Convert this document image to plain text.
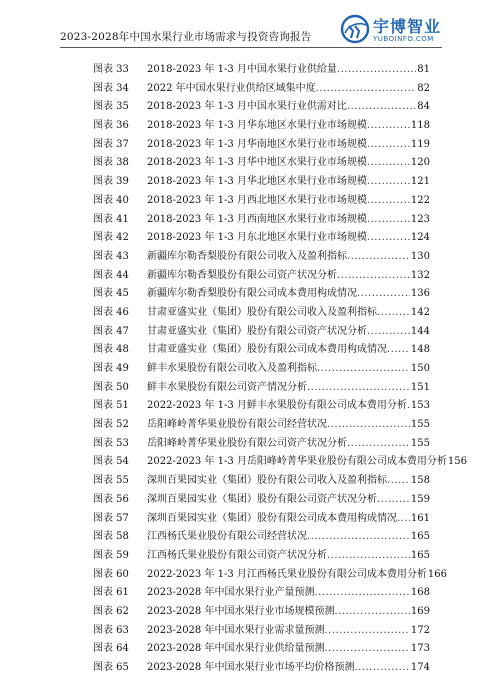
2023-2028年中国水果行业市场需求与投资咨询报告
宇博智业
YUBOINFO.COM
图表 33 2018-2023 年 1-3 月中国水果行业供给量 .....	81
图表 34 2022 年中国水果行业供给区域集中度 .....	82
图表 35 2018-2023 年 1-3 月中国水果行业供需对比 .....	84
图表 36 2018-2023 年 1-3 月华东地区水果行业市场规模 .....	118
图表 37 2018-2023 年 1-3 月华南地区水果行业市场规模 .....	119
图表 38 2018-2023 年 1-3 月华中地区水果行业市场规模 .....	120
图表 39 2018-2023 年 1-3 月华北地区水果行业市场规模 .....	121
图表 40 2018-2023 年 1-3 月西北地区水果行业市场规模 .....	122
图表 41 2018-2023 年 1-3 月西南地区水果行业市场规模 .....	123
图表 42 2018-2023 年 1-3 月东北地区水果行业市场规模 .....	124
图表 43 新疆库尔勒香梨股份有限公司收入及盈利指标 .....	130
图表 44 新疆库尔勒香梨股份有限公司资产状况分析 .....	132
图表 45 新疆库尔勒香梨股份有限公司成本费用构成情况 .....	136
图表 46 甘肃亚盛实业（集团）股份有限公司收入及盈利指标 .....	142
图表 47 甘肃亚盛实业（集团）股份有限公司资产状况分析 .....	144
图表 48 甘肃亚盛实业（集团）股份有限公司成本费用构成情况 ..... 148
图表 49 鲜丰水果股份有限公司收入及盈利指标 .....	150
图表 50 鲜丰水果股份有限公司资产情况分析 .....	151
图表 51 2022-2023 年 1-3 月鲜丰水果股份有限公司成本费用分析 ..... 153
图表 52 岳阳峰岭菁华果业股份有限公司经营状况 .....	155
图表 53 岳阳峰岭菁华果业股份有限公司资产状况分析 .....	155
图表 54 2022-2023 年 1-3 月岳阳峰岭菁华果业股份有限公司成本费用分析 156
图表 55 深圳百果园实业（集团）股份有限公司收入及盈利指标 ..... 158
图表 56 深圳百果园实业（集团）股份有限公司资产状况分析 .....	159
图表 57 深圳百果园实业（集团）股份有限公司成本费用构成情况 ..... 161
图表 58 江西杨氏果业股份有限公司经营状况 .....	165
图表 59 江西杨氏果业股份有限公司资产状况分析 .....	165
图表 60 2022-2023 年 1-3 月江西杨氏果业股份有限公司成本费用分析 166
图表 61 2023-2028 年中国水果行业产量预测 .....	168
图表 62 2023-2028 年中国水果行业市场规模预测 .....	169
图表 63 2023-2028 年中国水果行业需求量预测 .....	172
图表 64 2023-2028 年中国水果行业供给量预测 .....	173
图表 65 2023-2028 年中国水果行业市场平均价格预测 .....	174
